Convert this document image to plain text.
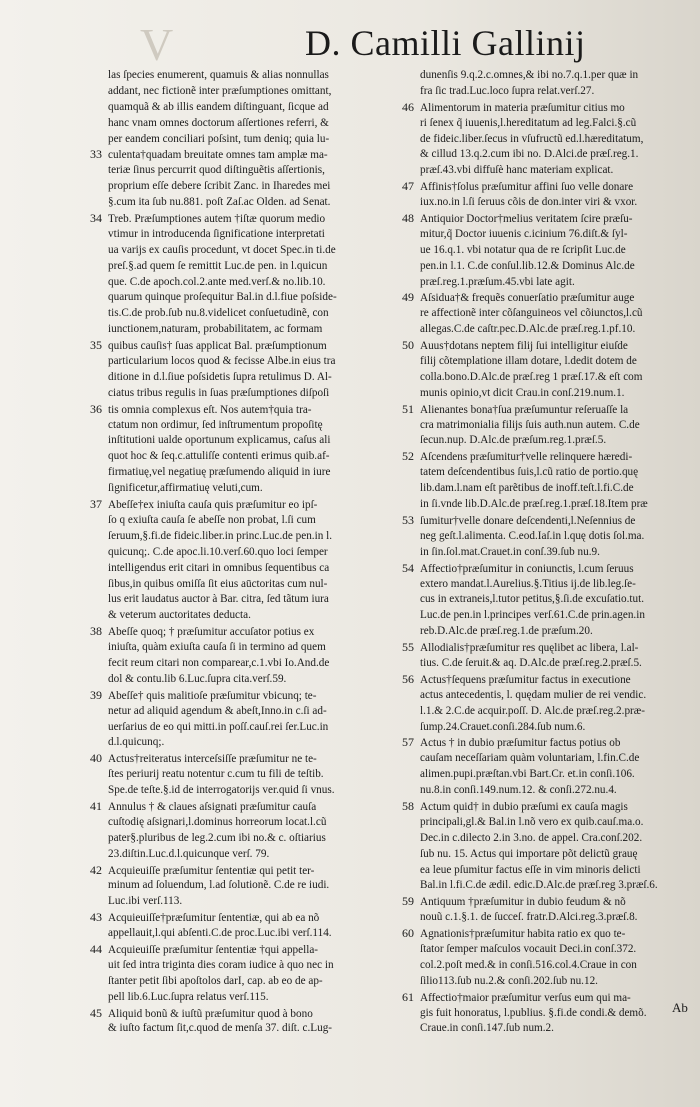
V	D. Camilli Gallinij
las ſpecies enumerent, quamuis & alias nonnullas
addant, nec fictionẽ inter præſumptiones omittant,
quamquã & ab illis eandem diſtinguant, ſicque ad
hanc vnam omnes doctorum aſſertiones referri, &
per eandem conciliari poſsint, tum deniq; quia lu-
33 culenta†quadam breuitate omnes tam amplæ ma-
teriæ ſinus percurrit quod diſtinguẽtis aſſertionis,
proprium eſſe debere ſcribit Zanc. in Iharedes mei
§.cum ita ſub nu.881. poſt Zaſ.ac Olden. ad Senat.
34 Treb. Præſumptiones autem †iſtæ quorum medio
vtimur in introducenda ſignificatione interpretati
ua varijs ex cauſis procedunt, vt docet Spec.in ti.de
preſ.§.ad quem ſe remittit Luc.de pen. in l.quicun
que. C.de apoch.col.2.ante med.verſ.& no.lib.10.
quarum quinque proſequitur Bal.in d.l.fiue poſside-
tis.C.de prob.ſub nu.8.videlicet conſuetudinẽ, con
iunctionem,naturam, probabilitatem, ac formam
35 quibus cauſis† ſuas applicat Bal. præſumptionum
particularium locos quod & fecisse Albe.in eius tra
ditione in d.l.ſiue poſsidetis ſupra retulimus D. Al-
ciatus tribus regulis in ſuas præſumptiones diſpoſi
36 tis omnia complexus eſt. Nos autem†quia tra-
ctatum non ordimur, ſed inſtrumentum propoſitę
inſtitutioni ualde oportunum explicamus, caſus ali
quot hoc & ſeq.c.attuliſſe contenti erimus quib.af-
firmatiuę,vel negatiuę præſumendo aliquid in iure
ſignificetur,affirmatiuę veluti,cum.
37 Abeſſe†ex iniuſta cauſa quis præſumitur eo ipſ-
ſo q exiuſta cauſa ſe abeſſe non probat, l.ſi cum
ſeruum,§.fi.de fideic.liber.in princ.Luc.de pen.in l.
quicunq;. C.de apoc.li.10.verſ.60.quo loci ſemper
intelligendus erit citari in omnibus ſequentibus ca
ſibus,in quibus omiſſa ſit eius aūctoritas cum nul-
lus erit laudatus auctor à Bar. citra, ſed tãtum iura
& veterum auctoritates deducta.
38 Abeſſe quoq; † præſumitur accuſator potius ex
iniuſta, quàm exiuſta cauſa ſi in termino ad quem
fecit reum citari non comparear,c.1.vbi Io.And.de
dol & contu.lib 6.Luc.ſupra cita.verſ.59.
39 Abeſſe† quis malitioſe præſumitur vbicunq; te-
netur ad aliquid agendum & abeſt,Inno.in c.ſi ad-
uerſarius de eo qui mitti.in poſſ.cauſ.rei ſer.Luc.in
d.l.quicunq;.
40 Actus†reiteratus interceſsiſſe præſumitur ne te-
ſtes periurij reatu notentur c.cum tu fili de teſtib.
Spe.de teſte.§.id de interrogatorijs ver.quid ſi vnus.
41 Annulus † & claues aſsignati præſumitur cauſa
cuſtodię aſsignari,l.dominus horreorum locat.l.cũ
pater§.pluribus de leg.2.cum ibi no.& c. oſtiarius
23.diſtin.Luc.d.l.quicunque verſ. 79.
42 Acquieuiſſe præſumitur ſententiæ qui petit ter-
minum ad ſoluendum, l.ad ſolutionẽ. C.de re iudi.
Luc.ibi verſ.113.
43 Acquieuiſſe†præſumitur ſententiæ, qui ab ea nõ
appellauit,l.qui abſenti.C.de proc.Luc.ibi verſ.114.
44 Acquieuiſſe præſumitur ſententiæ †qui appella-
uit ſed intra triginta dies coram iudice à quo nec in
ſtanter petit ſibi apoſtolos darI, cap. ab eo de ap-
pell lib.6.Luc.ſupra relatus verſ.115.
45 Aliquid bonũ & iuſtũ præſumitur quod à bono
& iuſto factum ſit,c.quod de menſa 37. diſt. c.Lug-
dunenſis 9.q.2.c.omnes,& ibi no.7.q.1.per quæ in
fra ſic trad.Luc.loco ſupra relat.verſ.27.
46 Alimentorum in materia præſumitur citius mo
ri ſenex q̃ iuuenis,l.hereditatum ad leg.Falci.§.cũ
de fideic.liber.ſecus in vſufructũ ed.l.hæreditatum,
& cillud 13.q.2.cum ibi no. D.Alci.de præſ.reg.1.
præſ.43.vbi diffuſè hanc materiam explicat.
47 Affinis†ſolus præſumitur affini ſuo velle donare
iux.no.in l.ſi ſeruus cõis de don.inter viri & vxor.
48 Antiquior Doctor†melius veritatem ſcire præſu-
mitur,q̃ Doctor iuuenis c.icinium 76.diſt.& ſyl-
ue 16.q.1. vbi notatur qua de re ſcripſit Luc.de
pen.in l.1. C.de conſul.lib.12.& Dominus Alc.de
præſ.reg.1.præſum.45.vbi late agit.
49 Aſsidua†& frequẽs conuerſatio præſumitur auge
re affectionẽ inter cõſanguineos vel cõiunctos,l.cũ
allegas.C.de caſtr.pec.D.Alc.de præſ.reg.1.pf.10.
50 Auus†dotans neptem filij ſui intelligitur eiuſde
filij cõtemplatione illam dotare, l.dedit dotem de
colla.bono.D.Alc.de præſ.reg 1 præſ.17.& eſt com
munis opinio,vt dicit Crau.in conſ.219.num.1.
51 Alienantes bona†ſua præſumuntur reſeruaſſe la
cra matrimonialia filijs ſuis auth.nun autem. C.de
ſecun.nup. D.Alc.de præſum.reg.1.præſ.5.
52 Aſcendens præſumitur†velle relinquere hæredi-
tatem deſcendentibus ſuis,l.cũ ratio de portio.quę
lib.dam.l.nam eſt parẽtibus de inoff.teſt.l.fi.C.de
in ſi.vnde lib.D.Alc.de præſ.reg.1.præſ.18.Item præ
53 ſumitur†velle donare deſcendenti,l.Neſennius de
neg geſt.l.alimenta. C.eod.Iaſ.in l.quę dotis ſol.ma.
in ſin.ſol.mat.Crauet.in conſ.39.ſub nu.9.
54 Affectio†præſumitur in coniunctis, l.cum ſeruus
extero mandat.l.Aurelius.§.Titius ij.de lib.leg.ſe-
cus in extraneis,l.tutor petitus,§.ſi.de excuſatio.tut.
Luc.de pen.in l.principes verſ.61.C.de prin.agen.in
reb.D.Alc.de præſ.reg.1.de præſum.20.
55 Allodialis†præſumitur res quęlibet ac libera, l.al-
tius. C.de ſeruit.& aq. D.Alc.de præſ.reg.2.præſ.5.
56 Actus†ſequens præſumitur factus in executione
actus antecedentis, l. quędam mulier de rei vendic.
l.1.& 2.C.de acquir.poſſ. D. Alc.de præſ.reg.2.præ-
ſump.24.Crauet.conſi.284.ſub num.6.
57 Actus † in dubio præſumitur factus potius ob
cauſam neceſſariam quàm voluntariam, l.fin.C.de
alimen.pupi.præſtan.vbi Bart.Cr. et.in conſi.106.
nu.8.in conſi.149.num.12. & conſi.272.nu.4.
58 Actum quid† in dubio præſumi ex cauſa magis
principali,gl.& Bal.in l.nõ vero ex quib.cauſ.ma.o.
Dec.in c.dilecto 2.in 3.no. de appel. Cra.conſ.202.
ſub nu. 15. Actus qui importare põt delictũ grauę
ea leue pſumitur factus eſſe in vim minoris delicti
Bal.in l.fi.C.de ædil. edic.D.Alc.de præſ.reg 3.præſ.6.
59 Antiquum †præſumitur in dubio feudum & nõ
nouũ c.1.§.1. de ſucceſ. fratr.D.Alci.reg.3.præſ.8.
60 Agnationis†præſumitur habita ratio ex quo te-
ſtator ſemper maſculos vocauit Deci.in conſ.372.
col.2.poſt med.& in conſi.516.col.4.Craue in con
ſilio113.ſub nu.2.& conſi.202.ſub nu.12.
61 Affectio†maior præſumitur verſus eum qui ma-
gis fuit honoratus, l.publius. §.fi.de condi.& demõ.
Craue.in conſi.147.ſub num.2.
Ab
